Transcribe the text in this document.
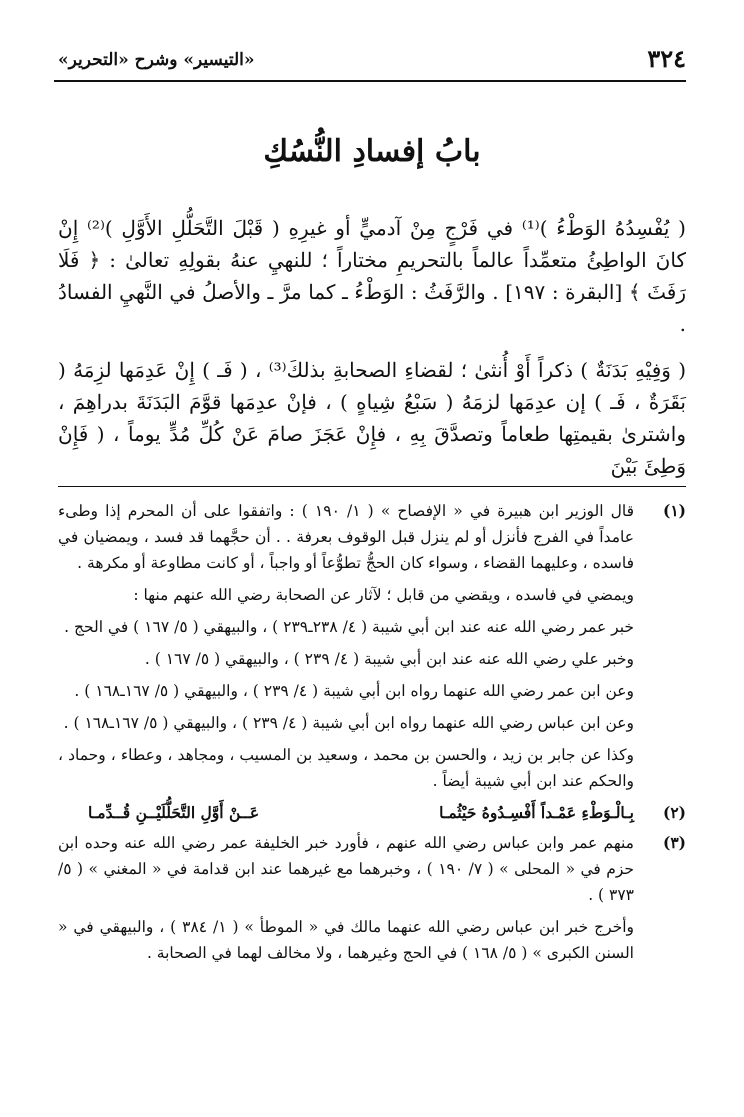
٣٢٤
«التيسير» وشرح «التحرير»
بابُ إفسادِ النُّسُكِ

( يُفْسِدُهُ الوَطْءُ )⁽¹⁾ في فَرْجٍ مِنْ آدميٍّ أو غيرِهِ ( قَبْلَ التَّحَلُّلِ الأَوَّلِ )⁽²⁾ إِنْ كانَ الواطِئُ متعمِّداً عالماً بالتحريمِ مختاراً ؛ للنهيِ عنهُ بقولِهِ تعالىٰ : ﴿ فَلَا رَفَثَ ﴾ [البقرة : ١٩٧] . والرَّفَثُ : الوَطْءُ ـ كما مرَّ ـ والأصلُ في النَّهيِ الفسادُ .

( وَفِيْهِ بَدَنَةٌ ) ذكراً أَوْ أُنثىٰ ؛ لقضاءِ الصحابةِ بذلكَ⁽³⁾ ، ( فَـ ) إِنْ عَدِمَها لزِمَهُ ( بَقَرَةٌ ، فَـ ) إن عدِمَها لزمَهُ ( سَبْعُ شِياهٍ ) ، فإنْ عدِمَها قوَّمَ البَدَنَةَ بدراهِمَ ، واشترىٰ بقيمتِها طعاماً وتصدَّقَ بِهِ ، فإِنْ عَجَزَ صامَ عَنْ كُلِّ مُدٍّ يوماً ، ( فَإِنْ وَطِئَ بَيْنَ

(١)

قال الوزير ابن هبيرة في « الإفصاح » ( ١/ ١٩٠ ) : واتفقوا على أن المحرم إذا وطىء عامداً في الفرج فأنزل أو لم ينزل قبل الوقوف بعرفة . . أن حجَّهما قد فسد ، ويمضيان في فاسده ، وعليهما القضاء ، وسواء كان الحجُّ تطوُّعاً أو واجباً ، أو كانت مطاوعة أو مكرهة .

ويمضي في فاسده ، ويقضي من قابل ؛ لآثار عن الصحابة رضي الله عنهم منها :

خبر عمر رضي الله عنه عند ابن أبي شيبة ( ٤/ ٢٣٨ـ٢٣٩ ) ، والبيهقي ( ٥/ ١٦٧ ) في الحج .

وخبر علي رضي الله عنه عند ابن أبي شيبة ( ٤/ ٢٣٩ ) ، والبيهقي ( ٥/ ١٦٧ ) .

وعن ابن عمر رضي الله عنهما رواه ابن أبي شيبة ( ٤/ ٢٣٩ ) ، والبيهقي ( ٥/ ١٦٧ـ١٦٨ ) .

وعن ابن عباس رضي الله عنهما رواه ابن أبي شيبة ( ٤/ ٢٣٩ ) ، والبيهقي ( ٥/ ١٦٧ـ١٦٨ ) .

وكذا عن جابر بن زيد ، والحسن بن محمد ، وسعيد بن المسيب ، ومجاهد ، وعطاء ، وحماد ، والحكم عند ابن أبي شيبة أيضاً .

(٢)
بِـالْـوَطْءِ عَمْـداً أَفْسِـدُوهُ حَيْثُمـا
عَــنْ أَوَّلِ التَّحَلُّلَيْــنِ قُــدِّمـا
(٣)

منهم عمر وابن عباس رضي الله عنهم ، فأورد خبر الخليفة عمر رضي الله عنه وحده ابن حزم في « المحلى » ( ٧/ ١٩٠ ) ، وخبرهما مع غيرهما عند ابن قدامة في « المغني » ( ٥/ ٣٧٣ ) .

وأخرج خبر ابن عباس رضي الله عنهما مالك في « الموطأ » ( ١/ ٣٨٤ ) ، والبيهقي في « السنن الكبرى » ( ٥/ ١٦٨ ) في الحج وغيرهما ، ولا مخالف لهما في الصحابة .
